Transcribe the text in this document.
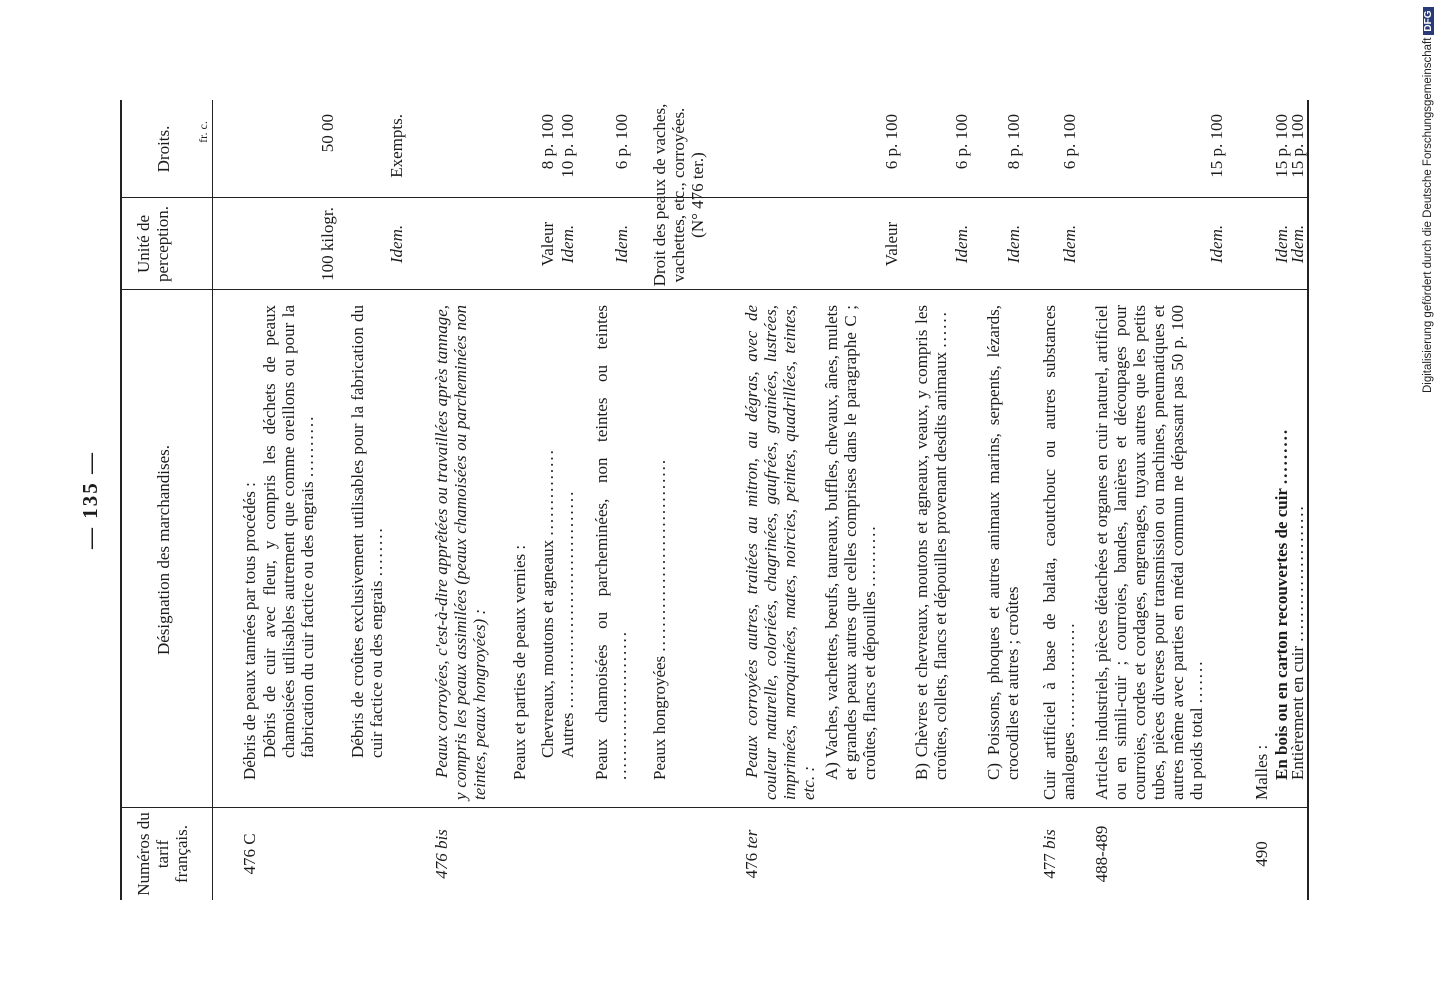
— 135 —
Numéros du tarif français.
Désignation des marchandises.
Unité de perception.
Droits. fr. c.
476 C
Débris de peaux tannées par tous procédés : Débris de cuir avec fleur, y compris les déchets de peaux chamoisées utilisables autrement que comme oreillons ou pour la fabrication du cuir factice ou des engrais ..........
100 kilogr.
50 00
Débris de croûtes exclusivement utilisables pour la fabrication du cuir factice ou des engrais ........
Idem.
Exempts.
476 bis
Peaux corroyées, c'est-à-dire apprêtées ou travaillées après tannage, y compris les peaux assimilées (peaux chamoisées ou parcheminées non teintes, peaux hongroyées) : Peaux et parties de peaux vernies : Chevreaux, moutons et agneaux ..............
Valeur
8 p. 100
Autres ...................................
Idem.
10 p. 100
Peaux chamoisées ou parcheminées, non teintes ou teintes ........................
Idem.
6 p. 100
Peaux hongroyées ...............................
Droit des peaux de vaches, vachettes, etc., corroyées. (N° 476 ter.)
476 ter
Peaux corroyées autres, traitées au mitron, au dégras, avec de couleur naturelle, coloriées, chagrinées, gaufrées, grainées, lustrées, imprimées, maroquinées, mates, noircies, peintes, quadrillées, teintes, etc. :
A) Vaches, vachettes, bœufs, taureaux, buffles, chevaux, ânes, mulets et grandes peaux autres que celles comprises dans le paragraphe C ; croûtes, flancs et dépouilles ..........
Valeur
6 p. 100
B) Chèvres et chevreaux, moutons et agneaux, veaux, y compris les croûtes, collets, flancs et dépouilles provenant desdits animaux ......
Idem.
6 p. 100
C) Poissons, phoques et autres animaux marins, serpents, lézards, crocodiles et autres ; croûtes
Idem.
8 p. 100
477 bis
Cuir artificiel à base de balata, caoutchouc ou autres substances analogues .................
Idem.
6 p. 100
488-489
Articles industriels, pièces détachées et organes en cuir naturel, artificiel ou en simili-cuir ; courroies, bandes, lanières et découpages pour courroies, cordes et cordages, engrenages, tuyaux autres que les petits tubes, pièces diverses pour transmission ou machines, pneumatiques et autres même avec parties en métal commun ne dépassant pas 50 p. 100 du poids total .......
Idem.
15 p. 100
490
Malles : En bois ou en carton recouvertes de cuir .........
Idem.
15 p. 100
Entièrement en cuir ......................
Idem.
15 p. 100	Digitalisierung gefördert durch die Deutsche ForschungsgemeinschaftDFG
